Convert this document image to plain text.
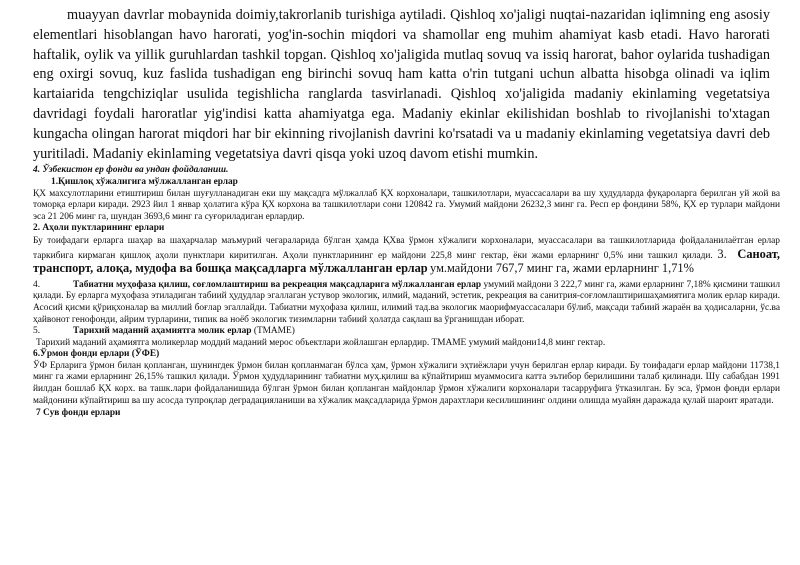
muayyan davrlar mobaynida doimiy,takrorlanib turishiga aytiladi. Qishloq xo'jaligi nuqtai-nazaridan iqlimning eng asosiy elementlari hisoblangan havo harorati, yog'in-sochin miqdori va shamollar eng muhim ahamiyat kasb etadi. Havo harorati haftalik, oylik va yillik guruhlardan tashkil topgan. Qishloq xo'jaligida mutlaq sovuq va issiq harorat, bahor oylarida tushadigan eng oxirgi sovuq, kuz faslida tushadigan eng birinchi sovuq ham katta o'rin tutgani uchun albatta hisobga olinadi va iqlim kartaiarida tengchiziqlar usulida tegishlicha ranglarda tasvirlanadi. Qishloq xo'jaligida madaniy ekinlaming vegetatsiya davridagi foydali haroratlar yig'indisi katta ahamiyatga ega. Madaniy ekinlar ekilishidan boshlab to rivojlanishi to'xtagan kungacha olingan harorat miqdori har bir ekinning rivojlanish davrini ko'rsatadi va u madaniy ekinlaming vegetatsiya davri deb yuritiladi. Madaniy ekinlaming vegetatsiya davri qisqa yoki uzoq davom etishi mumkin.

4. Ўзбекистон ер фонди ва ундан фойдаланиш.
1.Қишлоқ хўжалигига мўлжалланган ерлар

ҚХ махсулотларини етиштириш билан шуғулланадиган еки шу мақсадга мўлжаллаб ҚХ корхоналари, ташкилотлари, муассасалари ва шу ҳудудларда фуқароларга берилган уй жой ва томорқа ерлари киради. 2923 йил 1 январ ҳолатига кўра ҚХ корхона ва ташкилотлари сони 120842 га. Умумий майдони 26232,3 минг га. Респ ер фондини 58%, ҚХ ер турлари майдони эса 21 206 минг га, шундан 3693,6 минг га суғориладиган ерлардир.

2. Аҳоли пуктларининг ерлари

Бу тоифадаги ерларга шаҳар ва шаҳарчалар маъмурий чегараларида бўлган ҳамда ҚХва ўрмон хўжалиги корхоналари, муассасалари ва ташкилотларида фойдаланилаётган ерлар таркибига кирмаган қишлоқ аҳоли пунктлари киритилган. Аҳоли пунктларининг ер майдони 225,8 минг гектар, ёки жами ерларнинг 0,5% ини ташкил қилади. 3. Саноат, транспорт, алоқа, мудофа ва бошқа мақсадларга мўлжалланган ерлар ум.майдони 767,7 минг га, жами ерларнинг 1,71%

4.	Табиатни муҳофаза қилиш, соғломлаштириш ва рекреация мақсадларига мўлжалланган ерлар умумий майдони 3 222,7 минг га, жами ерларнинг 7,18% қисмини ташкил қилади. Бу ерларга муҳофаза этиладиган табиий ҳудудлар эгаллаган устувор экологик, илмий, маданий, эстетик, рекреация ва санитрия-соғломлаштиришаҳамиятига молик ерлар киради. Асосий қисми қўриқхоналар ва миллий боғлар эгаллайди. Табиатни муҳофаза қилиш, илимий тад.ва экологик маорифмуассасалари бўлиб, мақсади табиий жараён ва ҳодисаларни, ўс.ва ҳайвонот генофонди, айрим турларини, типик ва ноёб экологик тизимларни табиий ҳолатда сақлаш ва ўрганишдан иборат.

5.	Тарихий маданий аҳамиятга молик ерлар (ТМАМЕ)

Тарихий маданий аҳамиятга моликерлар моддий маданий мерос объектлари жойлашган ерлардир. ТМАМЕ умумий майдони14,8 минг гектар.

6.Ўрмон фонди ерлари (ЎФЕ)

ЎФ Ерларига ўрмон билан қопланган, шунингдек ўрмон билан қопланмаган бўлса ҳам, ўрмон хўжалиги эҳтиёжлари учун берилган ерлар киради. Бу тоифадаги ерлар майдони 11738,1 минг га жами ерларнинг 26,15% ташкил қилади. Ўрмон ҳудудларининг табиатни муҳ.қилиш ва кўпайтириш муаммосига катта эътибор берилишини талаб қилинади. Шу сабабдан 1991 йилдан бошлаб ҚХ корх. ва ташк.лари фойдаланишида бўлган ўрмон билан қопланган майдонлар ўрмон хўжалиги корхоналари тасарруфига ўтказилган. Бу эса, ўрмон фонди ерлари майдонини кўпайтириш ва шу асосда тупроқлар деградацияланиши ва хўжалик мақсадларида ўрмон дарахтлари кесилишининг олдини олишда муайян даражада қулай шароит яратади.

7 Сув фонди ерлари
